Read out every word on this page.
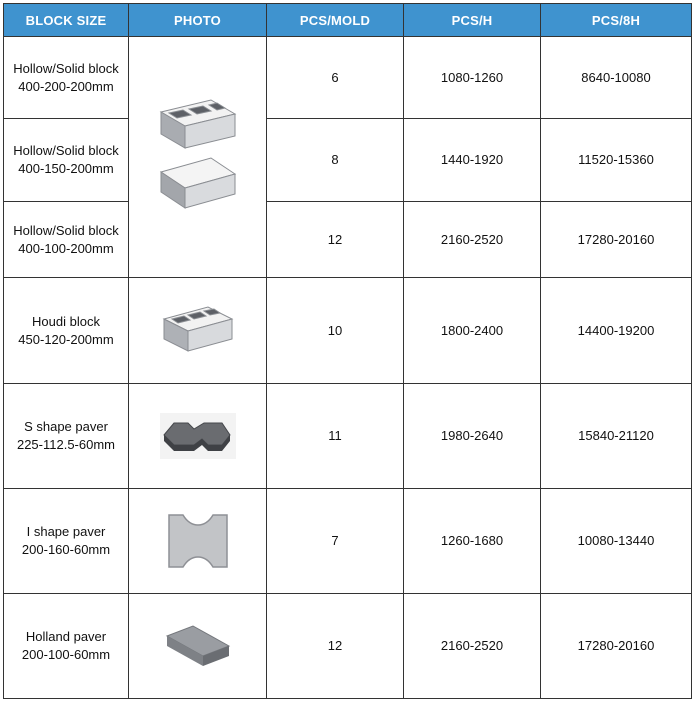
BLOCK SIZE	PHOTO	PCS/MOLD	PCS/H	PCS/8H

Hollow/Solid block
400-200-200mm		6	1080-1260	8640-10080

Hollow/Solid block
400-150-200mm		8	1440-1920	11520-15360

Hollow/Solid block
400-100-200mm		12	2160-2520	17280-20160

Houdi block
450-120-200mm		10	1800-2400	14400-19200

S shape paver
225-112.5-60mm		11	1980-2640	15840-21120

I shape paver
200-160-60mm		7	1260-1680	10080-13440

Holland paver
200-100-60mm		12	2160-2520	17280-20160
